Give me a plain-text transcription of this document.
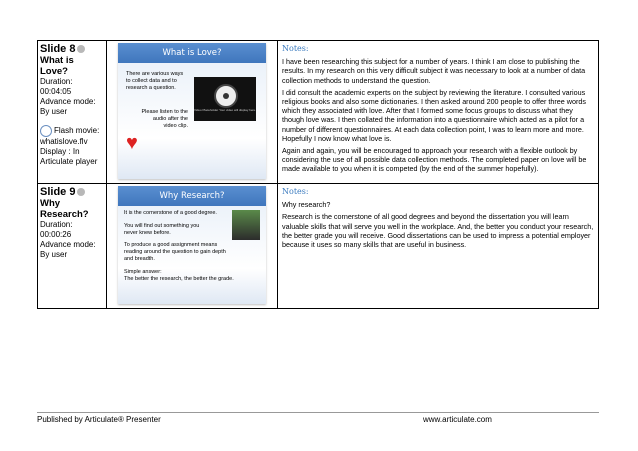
Slide 8
What is Love?
Duration:
00:04:05
Advance mode:
By user
Flash movie:
whatislove.flv
Display : In Articulate player
What is Love?
There are various ways to collect data and to research a question.
Please listen to the audio after the video clip.
Video Placeholder Your video will display here.
♥
Notes:

I have been researching this subject for a number of years. I think I am close to publishing the results. In my research on this very difficult subject it was necessary to look at a number of data collection methods to understand the question.

I did consult the academic experts on the subject by reviewing the literature. I consulted various religious books and also some dictionaries. I then asked around 200 people to offer three words which they associated with love. After that I formed some focus groups to discuss what they though love was. I then collated the information into a questionnaire which acted as a pilot for a number of different questionnaires. At each data collection point, I was to learn more and more. Hopefully I now know what love is.

Again and again, you will be encouraged to approach your research with a flexible outlook by considering the use of all possible data collection methods. The completed paper on love will be made available to you when it is competed (by the end of the summer hopefully).

Slide 9
Why Research?
Duration:
00:00:26
Advance mode:
By user
Why Research?

It is the cornerstone of a good degree.

You will find out something you never knew before.

To produce a good assignment means reading around the question to gain depth and breadth.

Simple answer:
The better the research, the better the grade.
Notes:

Why research?

Research is the cornerstone of all good degrees and beyond the dissertation you will learn valuable skills that will serve you well in the workplace. And, the better you conduct your research, the better grade you will receive. Good dissertations can be used to impress a potential employer because it uses so many skills that are useful in business.

Published by Articulate® Presenter	www.articulate.com
